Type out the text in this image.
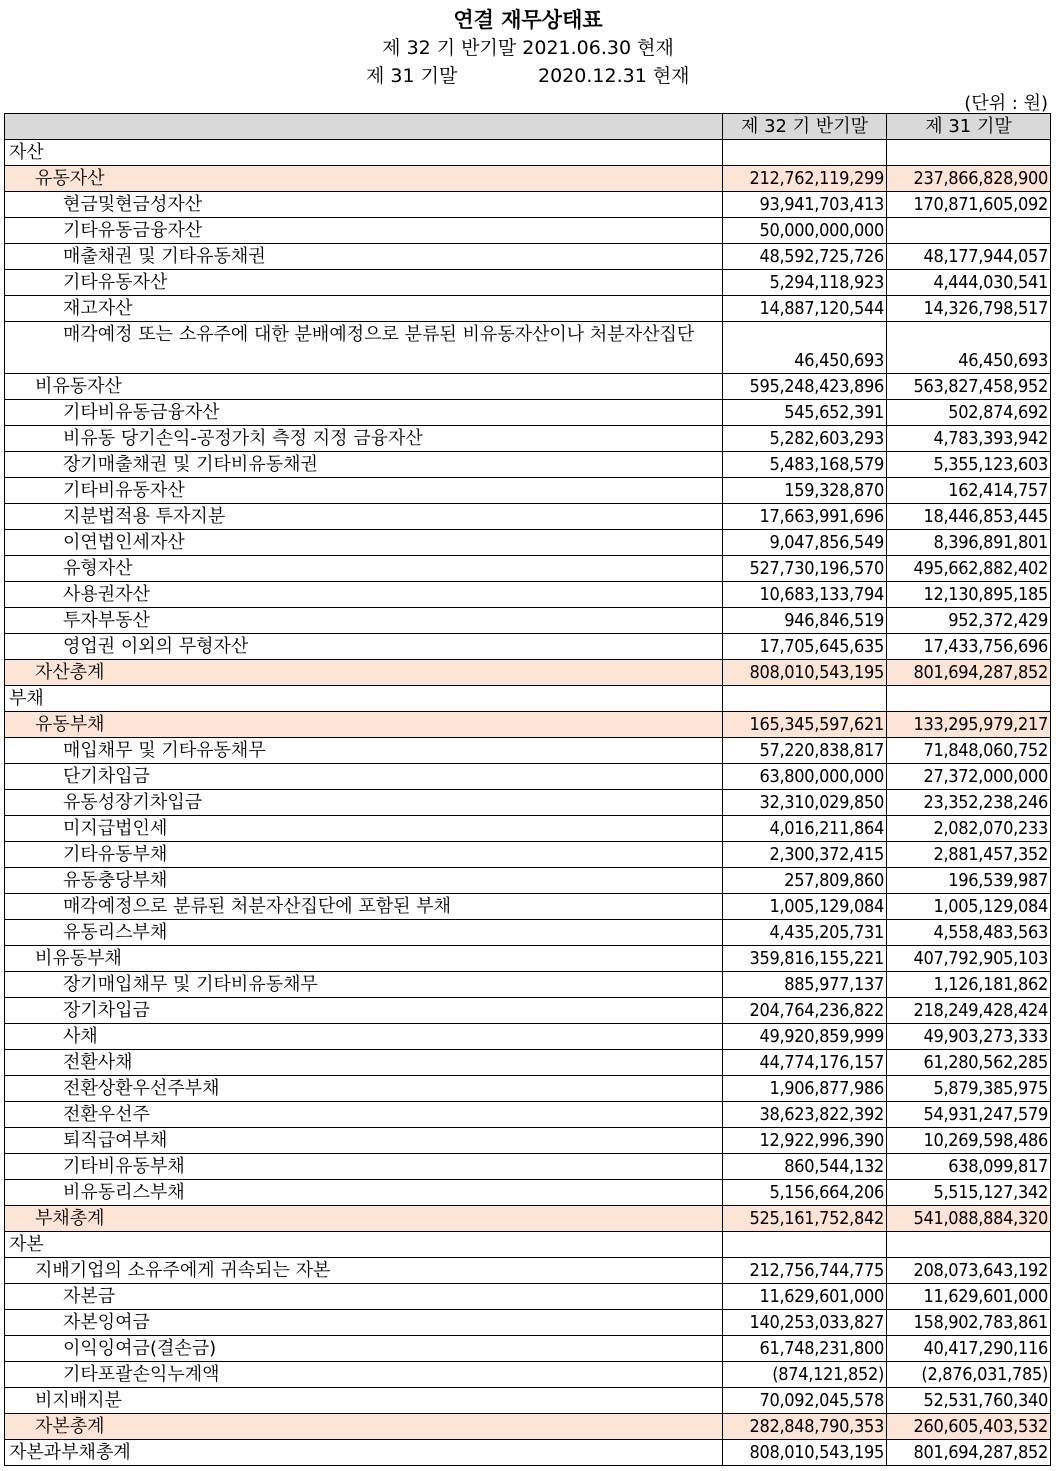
연결 재무상태표
제 32 기 반기말 2021.06.30 현재
제 31 기말	2020.12.31 현재
(단위 : 원)
	제 32 기 반기말	제 31 기말
자산		
유동자산	212,762,119,299	237,866,828,900
현금및현금성자산	93,941,703,413	170,871,605,092
기타유동금융자산	50,000,000,000	
매출채권 및 기타유동채권	48,592,725,726	48,177,944,057
기타유동자산	5,294,118,923	4,444,030,541
재고자산	14,887,120,544	14,326,798,517
매각예정 또는 소유주에 대한 분배예정으로 분류된 비유동자산이나 처분자산집단	46,450,693	46,450,693
비유동자산	595,248,423,896	563,827,458,952
기타비유동금융자산	545,652,391	502,874,692
비유동 당기손익-공정가치 측정 지정 금융자산	5,282,603,293	4,783,393,942
장기매출채권 및 기타비유동채권	5,483,168,579	5,355,123,603
기타비유동자산	159,328,870	162,414,757
지분법적용 투자지분	17,663,991,696	18,446,853,445
이연법인세자산	9,047,856,549	8,396,891,801
유형자산	527,730,196,570	495,662,882,402
사용권자산	10,683,133,794	12,130,895,185
투자부동산	946,846,519	952,372,429
영업권 이외의 무형자산	17,705,645,635	17,433,756,696
자산총계	808,010,543,195	801,694,287,852
부채		
유동부채	165,345,597,621	133,295,979,217
매입채무 및 기타유동채무	57,220,838,817	71,848,060,752
단기차입금	63,800,000,000	27,372,000,000
유동성장기차입금	32,310,029,850	23,352,238,246
미지급법인세	4,016,211,864	2,082,070,233
기타유동부채	2,300,372,415	2,881,457,352
유동충당부채	257,809,860	196,539,987
매각예정으로 분류된 처분자산집단에 포함된 부채	1,005,129,084	1,005,129,084
유동리스부채	4,435,205,731	4,558,483,563
비유동부채	359,816,155,221	407,792,905,103
장기매입채무 및 기타비유동채무	885,977,137	1,126,181,862
장기차입금	204,764,236,822	218,249,428,424
사채	49,920,859,999	49,903,273,333
전환사채	44,774,176,157	61,280,562,285
전환상환우선주부채	1,906,877,986	5,879,385,975
전환우선주	38,623,822,392	54,931,247,579
퇴직급여부채	12,922,996,390	10,269,598,486
기타비유동부채	860,544,132	638,099,817
비유동리스부채	5,156,664,206	5,515,127,342
부채총계	525,161,752,842	541,088,884,320
자본		
지배기업의 소유주에게 귀속되는 자본	212,756,744,775	208,073,643,192
자본금	11,629,601,000	11,629,601,000
자본잉여금	140,253,033,827	158,902,783,861
이익잉여금(결손금)	61,748,231,800	40,417,290,116
기타포괄손익누계액	(874,121,852)	(2,876,031,785)
비지배지분	70,092,045,578	52,531,760,340
자본총계	282,848,790,353	260,605,403,532
자본과부채총계	808,010,543,195	801,694,287,852
